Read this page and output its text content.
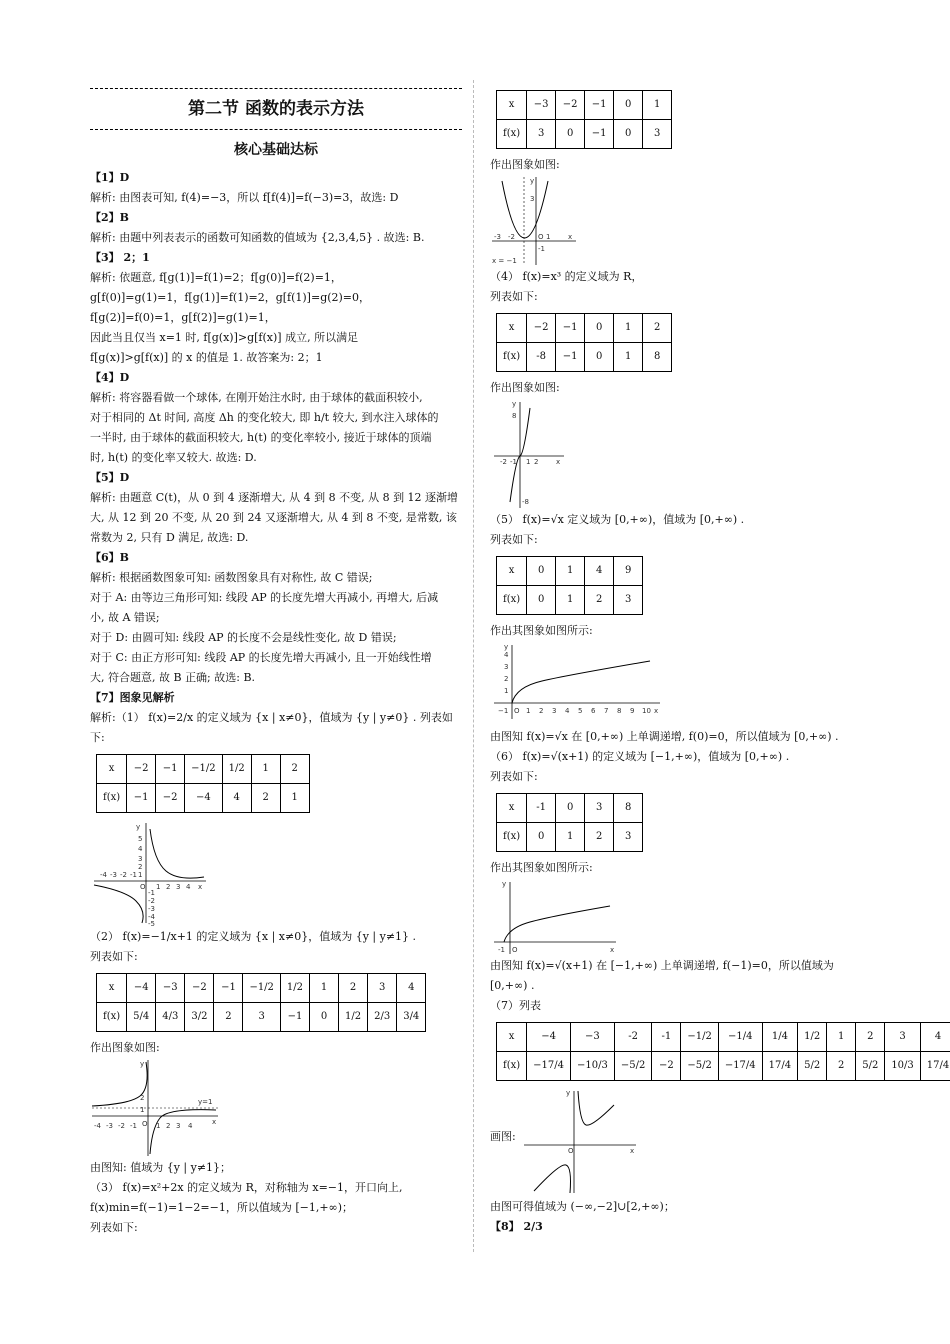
第二节 函数的表示方法
核心基础达标

【1】D

解析: 由图表可知, f(4)=−3，所以 f[f(4)]=f(−3)=3，故选: D

【2】B

解析: 由题中列表表示的函数可知函数的值域为 {2,3,4,5} . 故选: B.

【3】 2；1

解析: 依题意, f[g(1)]=f(1)=2；f[g(0)]=f(2)=1，

g[f(0)]=g(1)=1，f[g(1)]=f(1)=2，g[f(1)]=g(2)=0，

f[g(2)]=f(0)=1，g[f(2)]=g(1)=1，

因此当且仅当 x=1 时, f[g(x)]>g[f(x)] 成立, 所以满足

f[g(x)]>g[f(x)] 的 x 的值是 1. 故答案为: 2；1

【4】D

解析: 将容器看做一个球体, 在刚开始注水时, 由于球体的截面积较小,

对于相同的 Δt 时间, 高度 Δh 的变化较大, 即 h/t 较大, 到水注入球体的

一半时, 由于球体的截面积较大, h(t) 的变化率较小, 接近于球体的顶端

时, h(t) 的变化率又较大. 故选: D.

【5】D

解析: 由题意 C(t)，从 0 到 4 逐渐增大, 从 4 到 8 不变, 从 8 到 12 逐渐增

大, 从 12 到 20 不变, 从 20 到 24 又逐渐增大, 从 4 到 8 不变, 是常数, 该

常数为 2, 只有 D 满足, 故选: D.

【6】B

解析: 根据函数图象可知: 函数图象具有对称性, 故 C 错误;

对于 A: 由等边三角形可知: 线段 AP 的长度先增大再减小, 再增大, 后减

小, 故 A 错误;

对于 D: 由圆可知: 线段 AP 的长度不会是线性变化, 故 D 错误;

对于 C: 由正方形可知: 线段 AP 的长度先增大再减小, 且一开始线性增

大, 符合题意, 故 B 正确; 故选: B.

【7】图象见解析

解析:（1） f(x)=2/x 的定义域为 {x | x≠0}，值域为 {y | y≠0} . 列表如下:

x	−2	−1	−1/2	1/2	1	2
f(x)	−1	−2	−4	4	2	1
-4 -3 -2 -1
O 1 2 3 4 x
y
5
4
3
2
1
-1
-2
-3
-4
-5

（2） f(x)=−1/x+1 的定义域为 {x | x≠0}，值域为 {y | y≠1} .

列表如下:

x	−4	−3	−2	−1	−1/2	1/2	1	2	3	4
f(x)	5/4	4/3	3/2	2	3	−1	0	1/2	2/3	3/4

作出图象如图:

y=1
-4 -3 -2 -1	1 2 3 4
y
O	x
2
1

由图知: 值域为 {y | y≠1}；

（3） f(x)=x²+2x 的定义域为 R，对称轴为 x=−1，开口向上,

f(x)min=f(−1)=1−2=−1，所以值域为 [−1,+∞)；

列表如下:

x	−3	−2	−1	0	1
f(x)	3	0	−1	0	3

作出图象如图:

y
3
-3 -2	O 1	x
-1
x = −1

（4） f(x)=x³ 的定义域为 R，

列表如下:

x	−2	−1	0	1	2
f(x)	-8	−1	0	1	8

作出图象如图:

y
8
-2 -1 1 2	x
-8

（5） f(x)=√x 定义域为 [0,+∞)，值域为 [0,+∞) .

列表如下:

x	0	1	4	9
f(x)	0	1	2	3

作出其图象如图所示:

y
4
3
2
1
O
−1	1 2 3 4 5 6 7 8 9 10 x

由图知 f(x)=√x 在 [0,+∞) 上单调递增, f(0)=0，所以值域为 [0,+∞) .

（6） f(x)=√(x+1) 的定义域为 [−1,+∞)，值域为 [0,+∞) .

列表如下:

x	-1	0	3	8
f(x)	0	1	2	3

作出其图象如图所示:

y
O	x
-1

由图知 f(x)=√(x+1) 在 [−1,+∞) 上单调递增, f(−1)=0，所以值域为

[0,+∞) .

（7）列表

x	−4	−3	-2	-1	−1/2	−1/4	1/4	1/2	1	2	3	4
f(x)	−17/4	−10/3	−5/2	−2	−5/2	−17/4	17/4	5/2	2	5/2	10/3	17/4
画图:
y
O	x

由图可得值域为 (−∞,−2]∪[2,+∞)；

【8】 2/3
